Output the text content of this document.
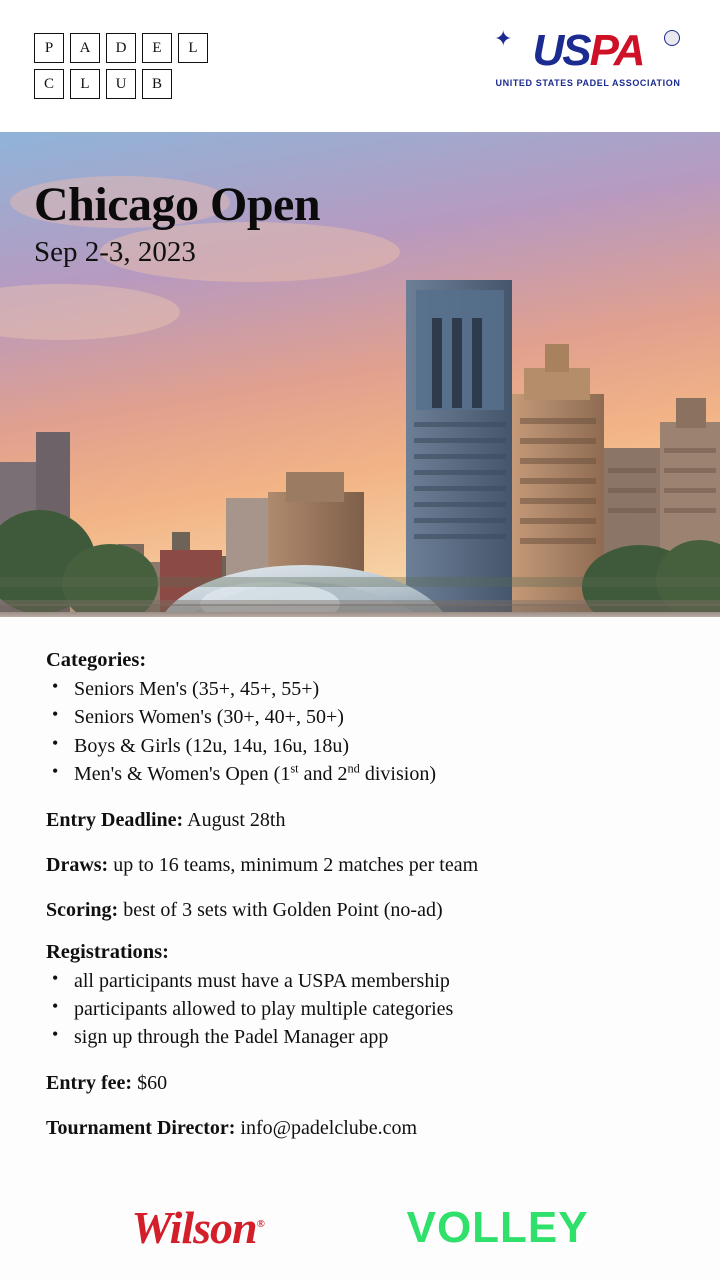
P	A	D	E	L
C	L	U	B
✦ US PA
UNITED STATES PADEL ASSOCIATION
Chicago Open
Sep 2-3, 2023
Categories:
• Seniors Men's (35+, 45+, 55+)
• Seniors Women's (30+, 40+, 50+)
• Boys & Girls (12u, 14u, 16u, 18u)
• Men's & Women's Open (1st and 2nd division)
Entry Deadline: August 28th
Draws: up to 16 teams, minimum 2 matches per team
Scoring: best of 3 sets with Golden Point (no-ad)
Registrations:
• all participants must have a USPA membership
• participants allowed to play multiple categories
• sign up through the Padel Manager app
Entry fee: $60
Tournament Director: info@padelclube.com
Wilson ®	VOLLEY
